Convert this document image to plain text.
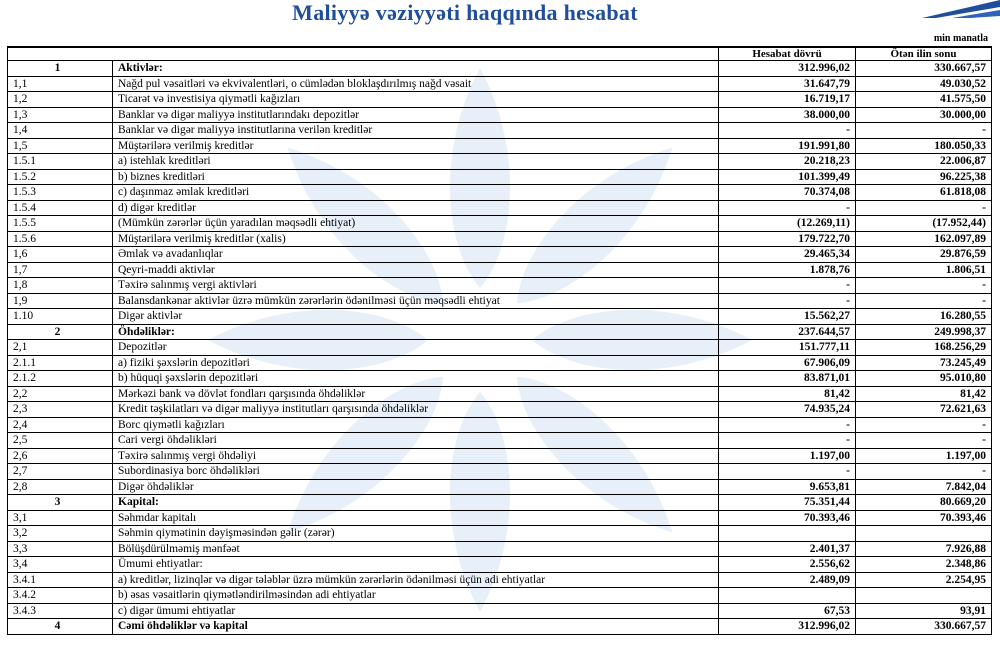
Maliyyə vəziyyəti haqqında hesabat
min manatla
		Hesabat dövrü	Ötən ilin sonu
1	Aktivlər:	312.996,02	330.667,57
1,1	Nağd pul vəsaitləri və ekvivalentləri, o cümlədən bloklaşdırılmış nağd vəsait	31.647,79	49.030,52
1,2	Ticarət və investisiya qiymətli kağızları	16.719,17	41.575,50
1,3	Banklar və digər maliyyə institutlarındakı depozitlər	38.000,00	30.000,00
1,4	Banklar və digər maliyyə institutlarına verilən kreditlər	-	-
1,5	Müştərilərə verilmiş kreditlər	191.991,80	180.050,33
1.5.1	a) istehlak kreditləri	20.218,23	22.006,87
1.5.2	b) biznes kreditləri	101.399,49	96.225,38
1.5.3	c) daşınmaz əmlak kreditləri	70.374,08	61.818,08
1.5.4	d) digər kreditlər	-	-
1.5.5	(Mümkün zərərlər üçün yaradılan məqsədli ehtiyat)	(12.269,11)	(17.952,44)
1.5.6	Müştərilərə verilmiş kreditlər (xalis)	179.722,70	162.097,89
1,6	Əmlak və avadanlıqlar	29.465,34	29.876,59
1,7	Qeyri-maddi aktivlər	1.878,76	1.806,51
1,8	Təxirə salınmış vergi aktivləri	-	-
1,9	Balansdankənar aktivlər üzrə mümkün zərərlərin ödənilməsi üçün məqsədli ehtiyat	-	-
1.10	Digər aktivlər	15.562,27	16.280,55
2	Öhdəliklər:	237.644,57	249.998,37
2,1	Depozitlər	151.777,11	168.256,29
2.1.1	a) fiziki şəxslərin depozitləri	67.906,09	73.245,49
2.1.2	b) hüquqi şəxslərin depozitləri	83.871,01	95.010,80
2,2	Mərkəzi bank və dövlət fondları qarşısında öhdəliklər	81,42	81,42
2,3	Kredit təşkilatları və digər maliyyə institutları qarşısında öhdəliklər	74.935,24	72.621,63
2,4	Borc qiymətli kağızları	-	-
2,5	Cari vergi öhdəlikləri	-	-
2,6	Təxirə salınmış vergi öhdəliyi	1.197,00	1.197,00
2,7	Subordinasiya borc öhdəlikləri	-	-
2,8	Digər öhdəliklər	9.653,81	7.842,04
3	Kapital:	75.351,44	80.669,20
3,1	Səhmdar kapitalı	70.393,46	70.393,46
3,2	Səhmin qiymətinin dəyişməsindən gəlir (zərər)		
3,3	Bölüşdürülməmiş mənfəət	2.401,37	7.926,88
3,4	Ümumi ehtiyatlar:	2.556,62	2.348,86
3.4.1	a) kreditlər, lizinqlər və digər tələblər üzrə mümkün zərərlərin ödənilməsi üçün adi ehtiyatlar	2.489,09	2.254,95
3.4.2	b) əsas vəsaitlərin qiymətləndirilməsindən adi ehtiyatlar		
3.4.3	c) digər ümumi ehtiyatlar	67,53	93,91
4	Cəmi öhdəliklər və kapital	312.996,02	330.667,57
